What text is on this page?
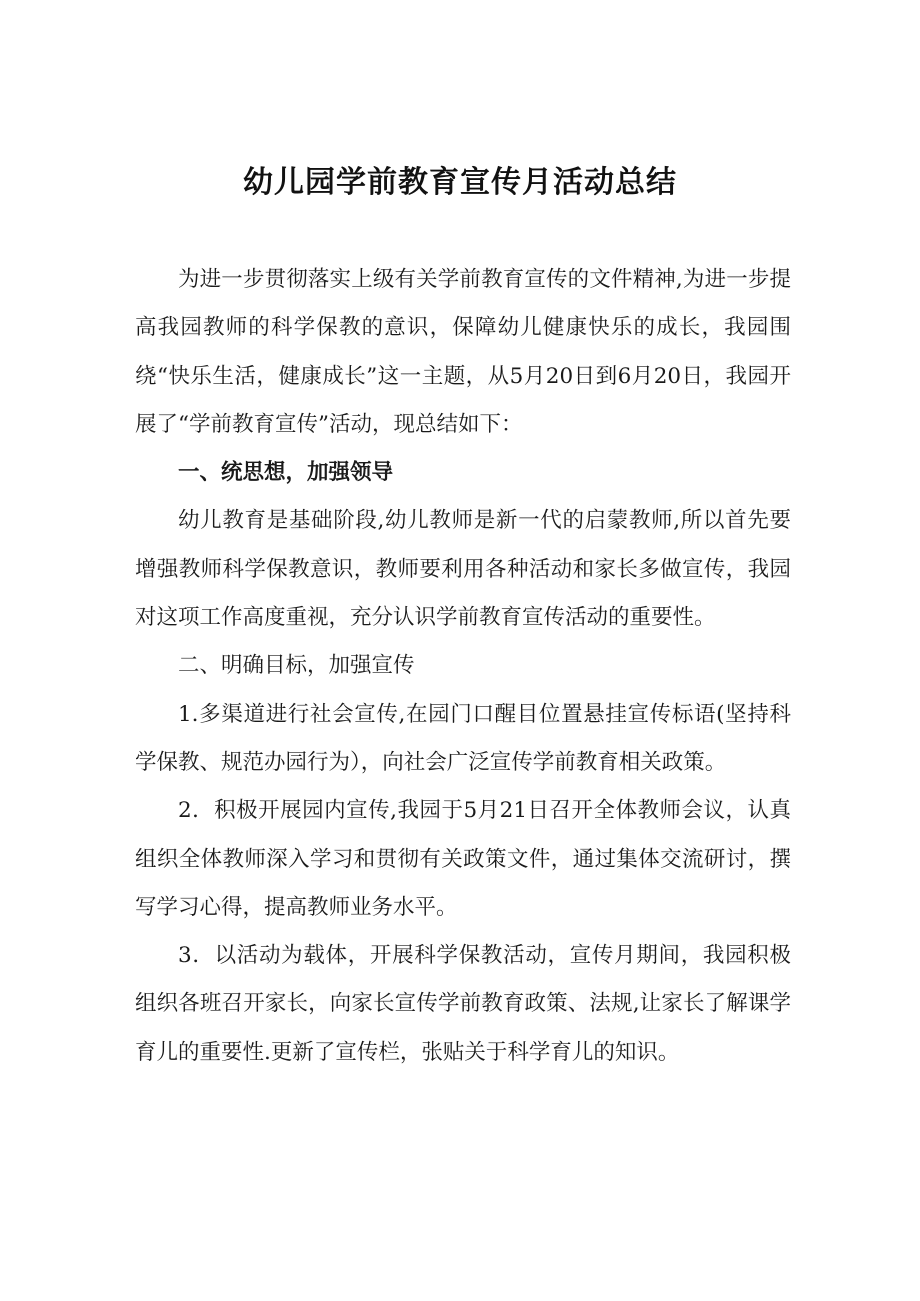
幼儿园学前教育宣传月活动总结

为进一步贯彻落实上级有关学前教育宣传的文件精神,为进一步提高我园教师的科学保教的意识，保障幼儿健康快乐的成长，我园围绕“快乐生活，健康成长”这一主题，从5月20日到6月20日，我园开展了“学前教育宣传”活动，现总结如下：

一、统思想，加强领导

幼儿教育是基础阶段,幼儿教师是新一代的启蒙教师,所以首先要增强教师科学保教意识，教师要利用各种活动和家长多做宣传，我园对这项工作高度重视，充分认识学前教育宣传活动的重要性。

二、明确目标，加强宣传

1.多渠道进行社会宣传,在园门口醒目位置悬挂宣传标语(坚持科学保教、规范办园行为），向社会广泛宣传学前教育相关政策。

2．积极开展园内宣传,我园于5月21日召开全体教师会议，认真组织全体教师深入学习和贯彻有关政策文件，通过集体交流研讨，撰写学习心得，提高教师业务水平。

3．以活动为载体，开展科学保教活动，宣传月期间，我园积极组织各班召开家长，向家长宣传学前教育政策、法规,让家长了解课学育儿的重要性.更新了宣传栏，张贴关于科学育儿的知识。
